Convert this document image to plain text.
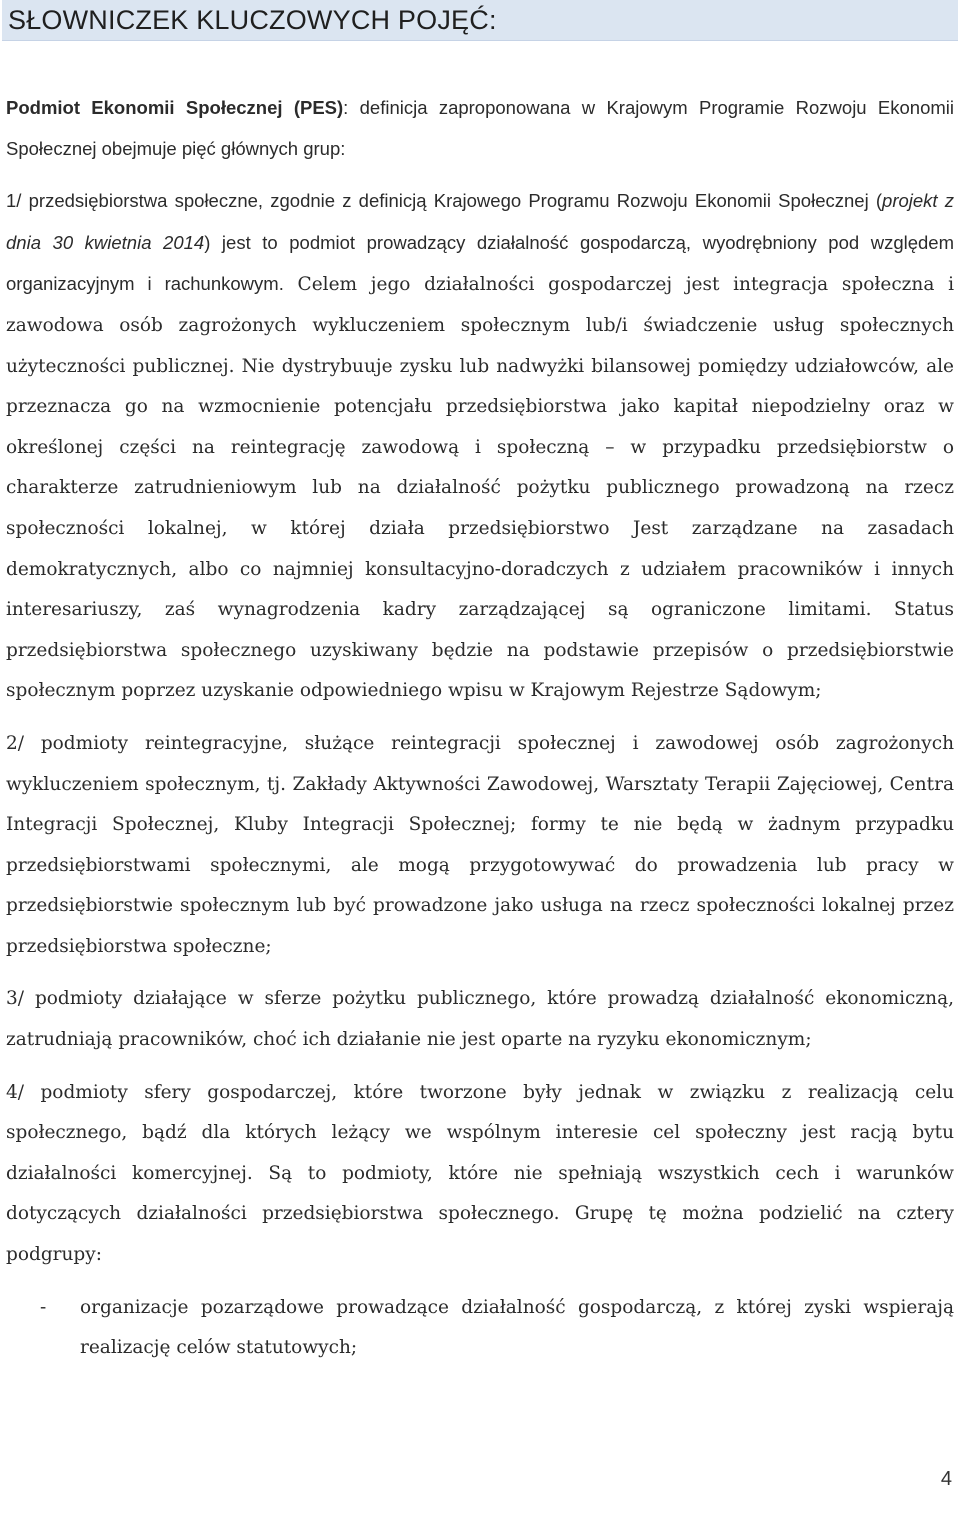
SŁOWNICZEK KLUCZOWYCH POJĘĆ:

Podmiot Ekonomii Społecznej (PES): definicja zaproponowana w Krajowym Programie Rozwoju Ekonomii Społecznej obejmuje pięć głównych grup:

1/ przedsiębiorstwa społeczne, zgodnie z definicją Krajowego Programu Rozwoju Ekonomii Społecznej (projekt z dnia 30 kwietnia 2014) jest to podmiot prowadzący działalność gospodarczą, wyodrębniony pod względem organizacyjnym i rachunkowym. Celem jego działalności gospodarczej jest integracja społeczna i zawodowa osób zagrożonych wykluczeniem społecznym lub/i świadczenie usług społecznych użyteczności publicznej. Nie dystrybuuje zysku lub nadwyżki bilansowej pomiędzy udziałowców, ale przeznacza go na wzmocnienie potencjału przedsiębiorstwa jako kapitał niepodzielny oraz w określonej części na reintegrację zawodową i społeczną – w przypadku przedsiębiorstw o charakterze zatrudnieniowym lub na działalność pożytku publicznego prowadzoną na rzecz społeczności lokalnej, w której działa przedsiębiorstwo Jest zarządzane na zasadach demokratycznych, albo co najmniej konsultacyjno-doradczych z udziałem pracowników i innych interesariuszy, zaś wynagrodzenia kadry zarządzającej są ograniczone limitami. Status przedsiębiorstwa społecznego uzyskiwany będzie na podstawie przepisów o przedsiębiorstwie społecznym poprzez uzyskanie odpowiedniego wpisu w Krajowym Rejestrze Sądowym;

2/ podmioty reintegracyjne, służące reintegracji społecznej i zawodowej osób zagrożonych wykluczeniem społecznym, tj. Zakłady Aktywności Zawodowej, Warsztaty Terapii Zajęciowej, Centra Integracji Społecznej, Kluby Integracji Społecznej; formy te nie będą w żadnym przypadku przedsiębiorstwami społecznymi, ale mogą przygotowywać do prowadzenia lub pracy w przedsiębiorstwie społecznym lub być prowadzone jako usługa na rzecz społeczności lokalnej przez przedsiębiorstwa społeczne;

3/ podmioty działające w sferze pożytku publicznego, które prowadzą działalność ekonomiczną, zatrudniają pracowników, choć ich działanie nie jest oparte na ryzyku ekonomicznym;

4/ podmioty sfery gospodarczej, które tworzone były jednak w związku z realizacją celu społecznego, bądź dla których leżący we wspólnym interesie cel społeczny jest racją bytu działalności komercyjnej. Są to podmioty, które nie spełniają wszystkich cech i warunków dotyczących działalności przedsiębiorstwa społecznego. Grupę tę można podzielić na cztery podgrupy:

- organizacje pozarządowe prowadzące działalność gospodarczą, z której zyski wspierają realizację celów statutowych;
4
